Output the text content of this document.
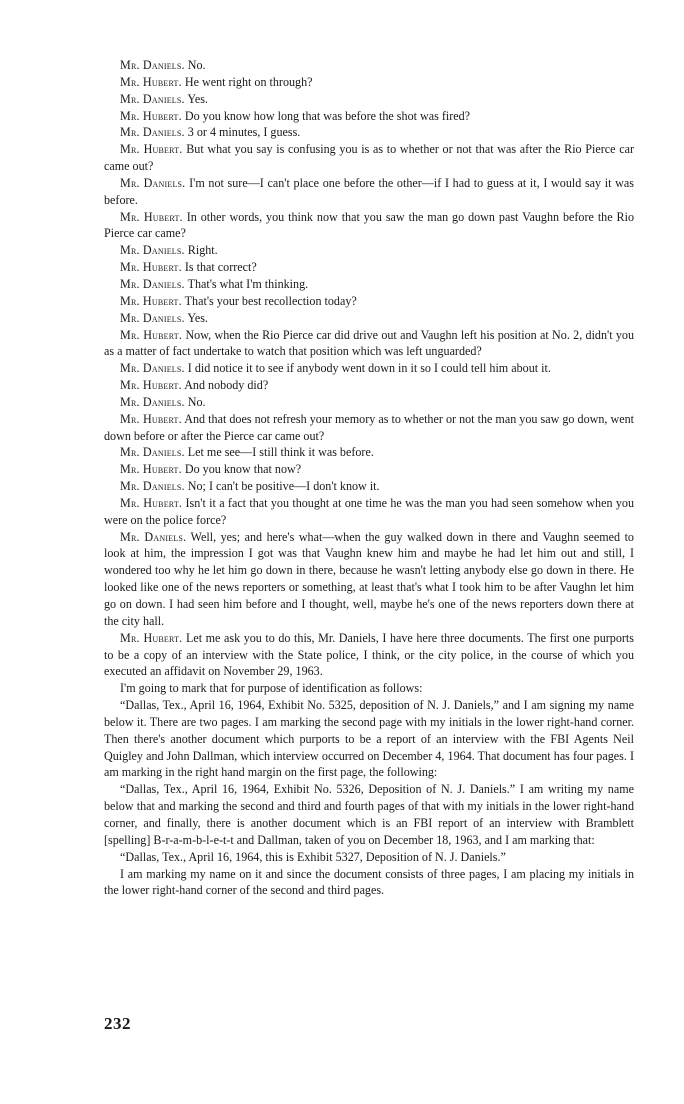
Mr. Daniels. No.

Mr. Hubert. He went right on through?

Mr. Daniels. Yes.

Mr. Hubert. Do you know how long that was before the shot was fired?

Mr. Daniels. 3 or 4 minutes, I guess.

Mr. Hubert. But what you say is confusing you is as to whether or not that was after the Rio Pierce car came out?

Mr. Daniels. I'm not sure—I can't place one before the other—if I had to guess at it, I would say it was before.

Mr. Hubert. In other words, you think now that you saw the man go down past Vaughn before the Rio Pierce car came?

Mr. Daniels. Right.

Mr. Hubert. Is that correct?

Mr. Daniels. That's what I'm thinking.

Mr. Hubert. That's your best recollection today?

Mr. Daniels. Yes.

Mr. Hubert. Now, when the Rio Pierce car did drive out and Vaughn left his position at No. 2, didn't you as a matter of fact undertake to watch that position which was left unguarded?

Mr. Daniels. I did notice it to see if anybody went down in it so I could tell him about it.

Mr. Hubert. And nobody did?

Mr. Daniels. No.

Mr. Hubert. And that does not refresh your memory as to whether or not the man you saw go down, went down before or after the Pierce car came out?

Mr. Daniels. Let me see—I still think it was before.

Mr. Hubert. Do you know that now?

Mr. Daniels. No; I can't be positive—I don't know it.

Mr. Hubert. Isn't it a fact that you thought at one time he was the man you had seen somehow when you were on the police force?

Mr. Daniels. Well, yes; and here's what—when the guy walked down in there and Vaughn seemed to look at him, the impression I got was that Vaughn knew him and maybe he had let him out and still, I wondered too why he let him go down in there, because he wasn't letting anybody else go down in there. He looked like one of the news reporters or something, at least that's what I took him to be after Vaughn let him go on down. I had seen him before and I thought, well, maybe he's one of the news reporters down there at the city hall.

Mr. Hubert. Let me ask you to do this, Mr. Daniels, I have here three documents. The first one purports to be a copy of an interview with the State police, I think, or the city police, in the course of which you executed an affidavit on November 29, 1963.

I'm going to mark that for purpose of identification as follows:

“Dallas, Tex., April 16, 1964, Exhibit No. 5325, deposition of N. J. Daniels,” and I am signing my name below it. There are two pages. I am marking the second page with my initials in the lower right-hand corner. Then there's another document which purports to be a report of an interview with the FBI Agents Neil Quigley and John Dallman, which interview occurred on December 4, 1964. That document has four pages. I am marking in the right hand margin on the first page, the following:

“Dallas, Tex., April 16, 1964, Exhibit No. 5326, Deposition of N. J. Daniels.” I am writing my name below that and marking the second and third and fourth pages of that with my initials in the lower right-hand corner, and finally, there is another document which is an FBI report of an interview with Bramblett [spelling] B-r-a-m-b-l-e-t-t and Dallman, taken of you on December 18, 1963, and I am marking that:

“Dallas, Tex., April 16, 1964, this is Exhibit 5327, Deposition of N. J. Daniels.”

I am marking my name on it and since the document consists of three pages, I am placing my initials in the lower right-hand corner of the second and third pages.

232
